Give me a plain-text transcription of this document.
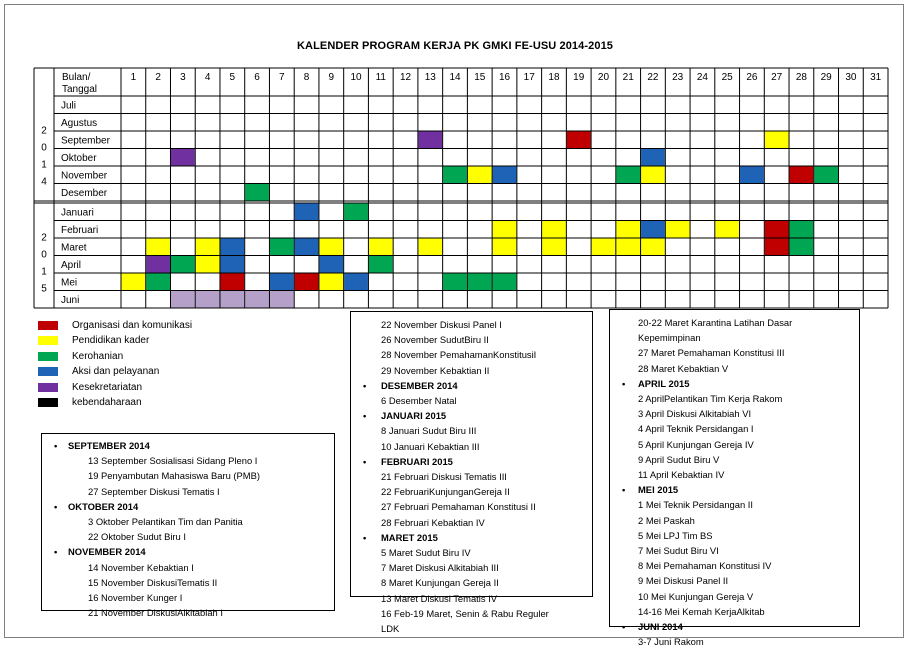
KALENDER PROGRAM KERJA PK GMKI FE-USU 2014-2015
Bulan/
Tanggal
1 2 3 4 5 6 7 8 9 10 11 12 13 14 15 16 17 18 19 20 21 22 23 24 25 26 27 28 29 30 31
Juli
Agustus
September
Oktober
November
Desember
Januari
Februari
Maret
April
Mei
Juni
2
0
1
4
2
0
1
5
Organisasi dan komunikasi
Pendidikan kader
Kerohanian
Aksi dan pelayanan
Kesekretariatan
kebendaharaan
• SEPTEMBER 2014
13 September Sosialisasi Sidang Pleno I
19 Penyambutan Mahasiswa Baru (PMB)
27 September Diskusi Tematis I
• OKTOBER 2014
3 Oktober Pelantikan Tim dan Panitia
22 Oktober Sudut Biru I
• NOVEMBER 2014
14 November Kebaktian I
15 November DiskusiTematis II
16 November Kunger I
21 November DiskusiAlkitabiah I
22 November Diskusi Panel I
26 November SudutBiru II
28 November PemahamanKonstitusiI
29 November Kebaktian II
• DESEMBER 2014
6 Desember Natal
• JANUARI 2015
8 Januari Sudut Biru III
10 Januari Kebaktian III
• FEBRUARI 2015
21 Februari Diskusi Tematis III
22 FebruariKunjunganGereja II
27 Februari Pemahaman Konstitusi II
28 Februari Kebaktian IV
• MARET 2015
5 Maret Sudut Biru IV
7 Maret Diskusi Alkitabiah III
8 Maret Kunjungan Gereja II
13 Maret Diskusi Tematis IV
16 Feb-19 Maret, Senin & Rabu Reguler
LDK
20-22 Maret Karantina Latihan Dasar
Kepemimpinan
27 Maret Pemahaman Konstitusi III
28 Maret Kebaktian V
• APRIL 2015
2 AprilPelantikan Tim Kerja Rakom
3 April Diskusi Alkitabiah VI
4 April Teknik Persidangan I
5 April Kunjungan Gereja IV
9 April Sudut Biru V
11 April Kebaktian IV
• MEI 2015
1 Mei Teknik Persidangan II
2 Mei Paskah
5 Mei LPJ Tim BS
7 Mei Sudut Biru VI
8 Mei Pemahaman Konstitusi IV
9 Mei Diskusi Panel II
10 Mei Kunjungan Gereja V
14-16 Mei Kemah KerjaAlkitab
• JUNI 2014
3-7 Juni Rakom
